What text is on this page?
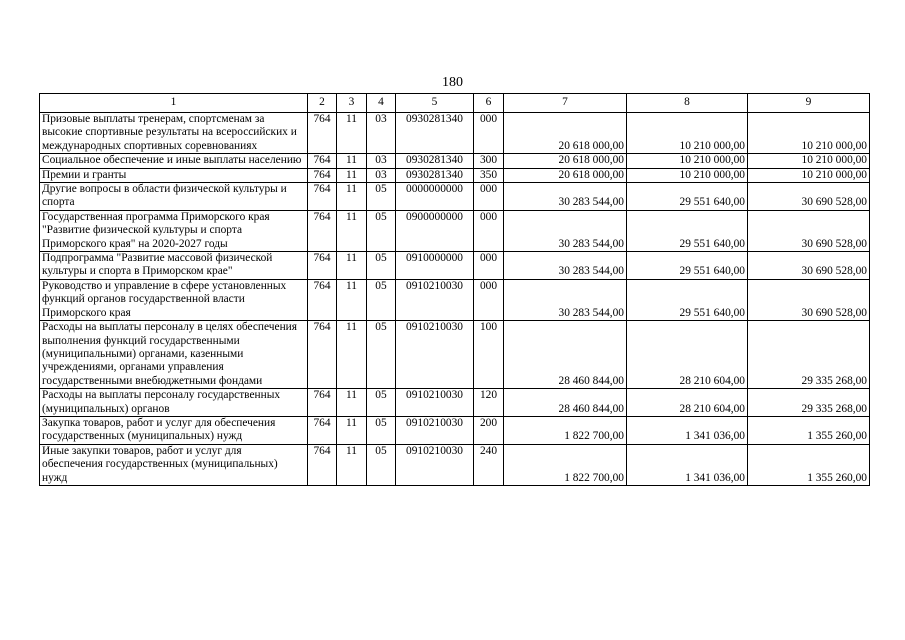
180
1	2	3	4	5	6	7	8	9
Призовые выплаты тренерам, спортсменам за высокие спортивные результаты на всероссийских и международных спортивных соревнованиях	764	11	03	0930281340	000	20 618 000,00	10 210 000,00	10 210 000,00
Социальное обеспечение и иные выплаты населению	764	11	03	0930281340	300	20 618 000,00	10 210 000,00	10 210 000,00
Премии и гранты	764	11	03	0930281340	350	20 618 000,00	10 210 000,00	10 210 000,00
Другие вопросы в области физической культуры и спорта	764	11	05	0000000000	000	30 283 544,00	29 551 640,00	30 690 528,00
Государственная программа Приморского края "Развитие физической культуры и спорта Приморского края" на 2020-2027 годы	764	11	05	0900000000	000	30 283 544,00	29 551 640,00	30 690 528,00
Подпрограмма "Развитие массовой физической культуры и спорта в Приморском крае"	764	11	05	0910000000	000	30 283 544,00	29 551 640,00	30 690 528,00
Руководство и управление в сфере установленных функций органов государственной власти Приморского края	764	11	05	0910210030	000	30 283 544,00	29 551 640,00	30 690 528,00
Расходы на выплаты персоналу в целях обеспечения выполнения функций государственными (муниципальными) органами, казенными учреждениями, органами управления государственными внебюджетными фондами	764	11	05	0910210030	100	28 460 844,00	28 210 604,00	29 335 268,00
Расходы на выплаты персоналу государственных (муниципальных) органов	764	11	05	0910210030	120	28 460 844,00	28 210 604,00	29 335 268,00
Закупка товаров, работ и услуг для обеспечения государственных (муниципальных) нужд	764	11	05	0910210030	200	1 822 700,00	1 341 036,00	1 355 260,00
Иные закупки товаров, работ и услуг для обеспечения государственных (муниципальных) нужд	764	11	05	0910210030	240	1 822 700,00	1 341 036,00	1 355 260,00
